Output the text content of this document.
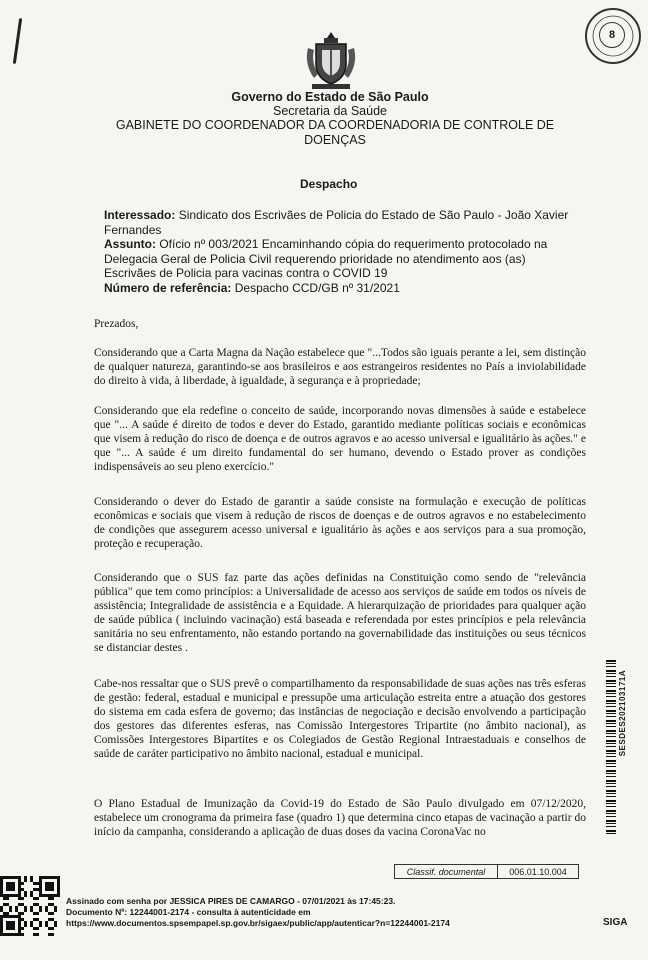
8
Governo do Estado de São Paulo
Secretaria da Saúde
GABINETE DO COORDENADOR DA COORDENADORIA DE CONTROLE DE DOENÇAS
Despacho
Interessado: Sindicato dos Escrivães de Policia do Estado de São Paulo - João Xavier Fernandes
Assunto: Ofício nº 003/2021 Encaminhando cópia do requerimento protocolado na Delegacia Geral de Policia Civil requerendo prioridade no atendimento aos (as) Escrivães de Policia para vacinas contra o COVID 19
Número de referência: Despacho CCD/GB nº 31/2021
Prezados,
Considerando que a Carta Magna da Nação estabelece que "...Todos são iguais perante a lei, sem distinção de qualquer natureza, garantindo-se aos brasileiros e aos estrangeiros residentes no País a inviolabilidade do direito à vida, à liberdade, à igualdade, à segurança e à propriedade;
Considerando que ela redefine o conceito de saúde, incorporando novas dimensões à saúde e estabelece que "... A saúde é direito de todos e dever do Estado, garantido mediante políticas sociais e econômicas que visem à redução do risco de doença e de outros agravos e ao acesso universal e igualitário às ações." e que "... A saúde é um direito fundamental do ser humano, devendo o Estado prover as condições indispensáveis ao seu pleno exercício."
Considerando o dever do Estado de garantir a saúde consiste na formulação e execução de políticas econômicas e sociais que visem à redução de riscos de doenças e de outros agravos e no estabelecimento de condições que assegurem acesso universal e igualitário às ações e aos serviços para a sua promoção, proteção e recuperação.
Considerando que o SUS faz parte das ações definidas na Constituição como sendo de "relevância pública" que tem como princípios: a Universalidade de acesso aos serviços de saúde em todos os níveis de assistência; Integralidade de assistência e a Equidade. A hierarquização de prioridades para qualquer ação de saúde pública ( incluindo vacinação) está baseada e referendada por estes princípios e pela relevância sanitária no seu enfrentamento, não estando portando na governabilidade das instituições ou seus técnicos se distanciar destes .
Cabe-nos ressaltar que o SUS prevê o compartilhamento da responsabilidade de suas ações nas três esferas de gestão: federal, estadual e municipal e pressupõe uma articulação estreita entre a atuação dos gestores do sistema em cada esfera de governo; das instâncias de negociação e decisão envolvendo a participação dos gestores das diferentes esferas, nas Comissão Intergestores Tripartite (no âmbito nacional), as Comissões Intergestores Bipartites e os Colegiados de Gestão Regional Intraestaduais e conselhos de saúde de caráter participativo no âmbito nacional, estadual e municipal.
O Plano Estadual de Imunização da Covid-19 do Estado de São Paulo divulgado em 07/12/2020, estabelece um cronograma da primeira fase (quadro 1) que determina cinco etapas de vacinação a partir do início da campanha, considerando a aplicação de duas doses da vacina CoronaVac no
Classif. documental	006.01.10.004
SESDES202103171A
Assinado com senha por JESSICA PIRES DE CAMARGO - 07/01/2021 às 17:45:23.
Documento Nº: 12244001-2174 - consulta à autenticidade em
https://www.documentos.spsempapel.sp.gov.br/sigaex/public/app/autenticar?n=12244001-2174	SIGA
